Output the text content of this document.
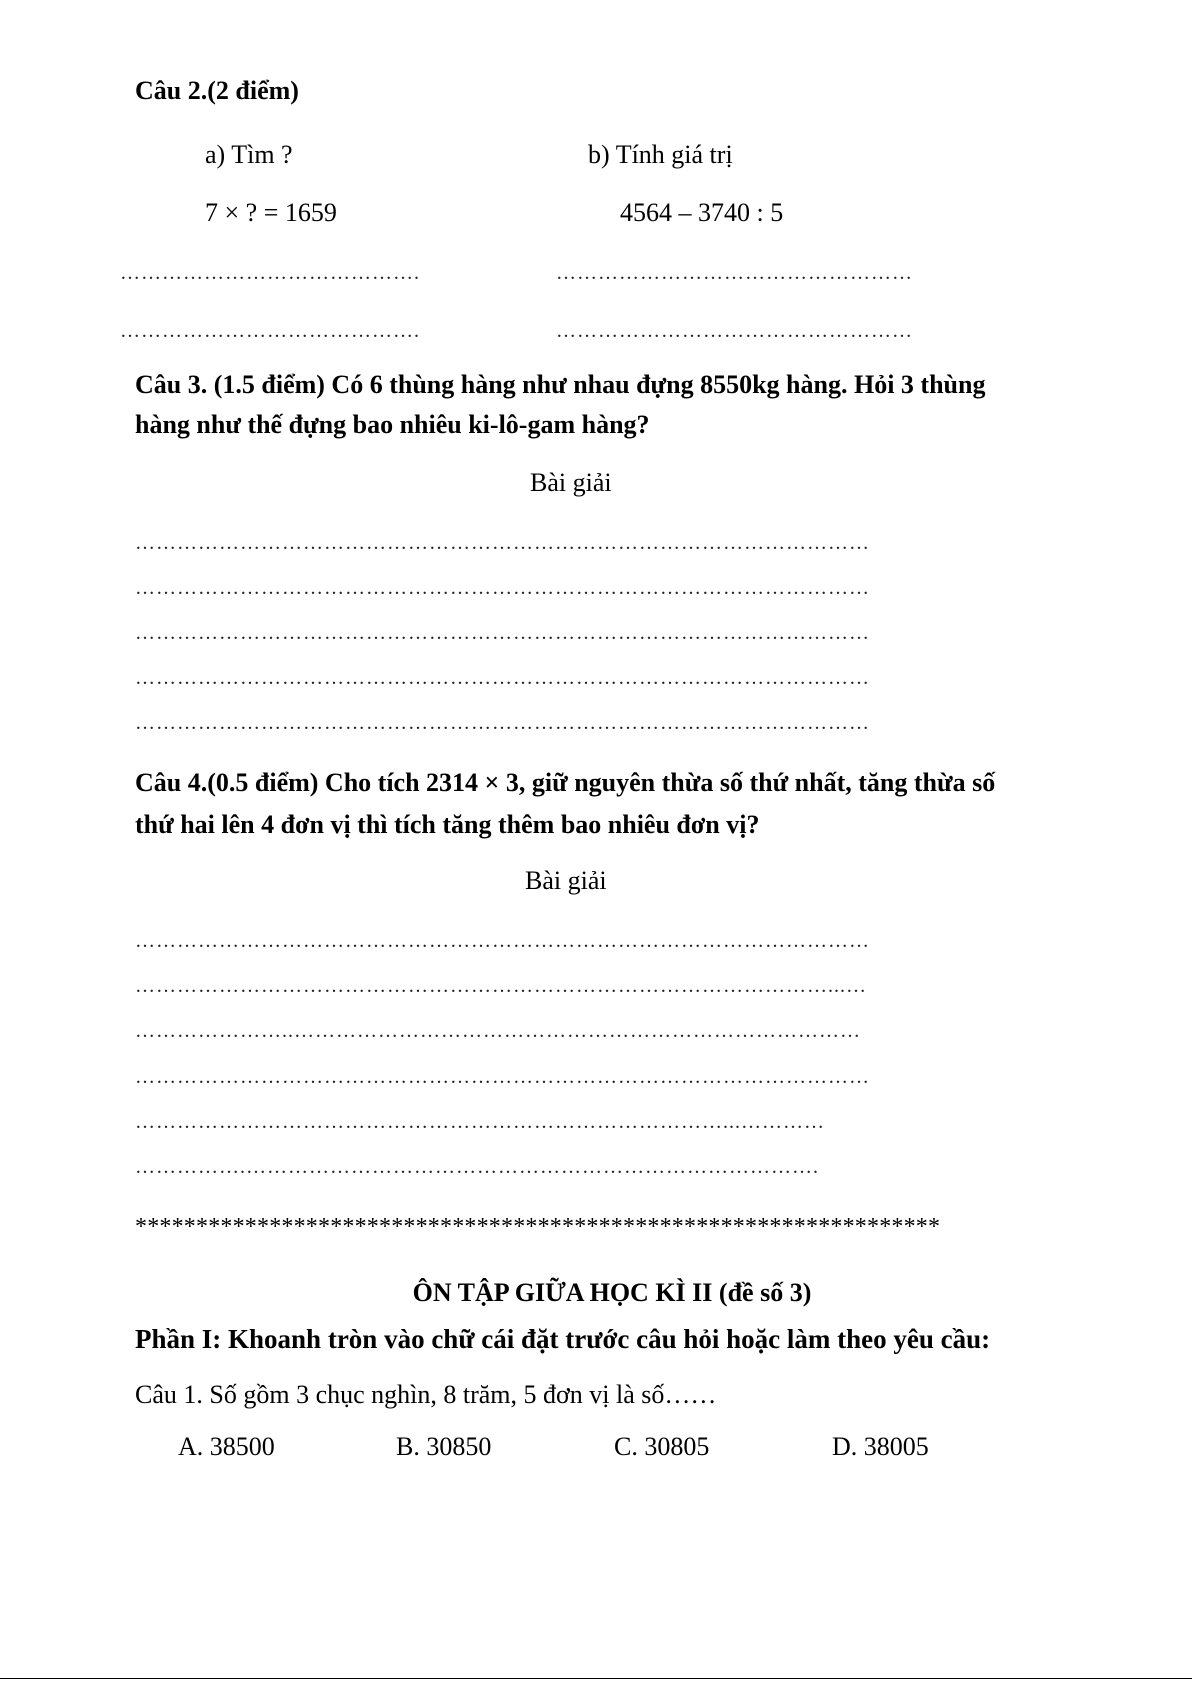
Câu 2.(2 điểm)
a) Tìm ?	b) Tính giá trị
7 × ? = 1659	4564 – 3740 : 5
…………………………………….	……………………………………………
…………………………………….	……………………………………………
Câu 3. (1.5 điểm) Có 6 thùng hàng như nhau đựng 8550kg hàng. Hỏi 3 thùng
hàng như thế đựng bao nhiêu ki-lô-gam hàng?
Bài giải
……………………………………………………………………………………………
……………………………………………………………………………………………
……………………………………………………………………………………………
……………………………………………………………………………………………
……………………………………………………………………………………………
Câu 4.(0.5 điểm) Cho tích 2314 × 3, giữ nguyên thừa số thứ nhất, tăng thừa số
thứ hai lên 4 đơn vị thì tích tăng thêm bao nhiêu đơn vị?
Bài giải
……………………………………………………………………………………………
………………………………………………………………………………………...…
…………………..………………………………………………………………………
……………………………………………………………………………………………
…………………………………………………………………………...…………
…………….……………………………………………………………………….
******************************************************************
ÔN TẬP GIỮA HỌC KÌ II (đề số 3)
Phần I: Khoanh tròn vào chữ cái đặt trước câu hỏi hoặc làm theo yêu cầu:
Câu 1. Số gồm 3 chục nghìn, 8 trăm, 5 đơn vị là số……
A. 38500	B. 30850	C. 30805	D. 38005
